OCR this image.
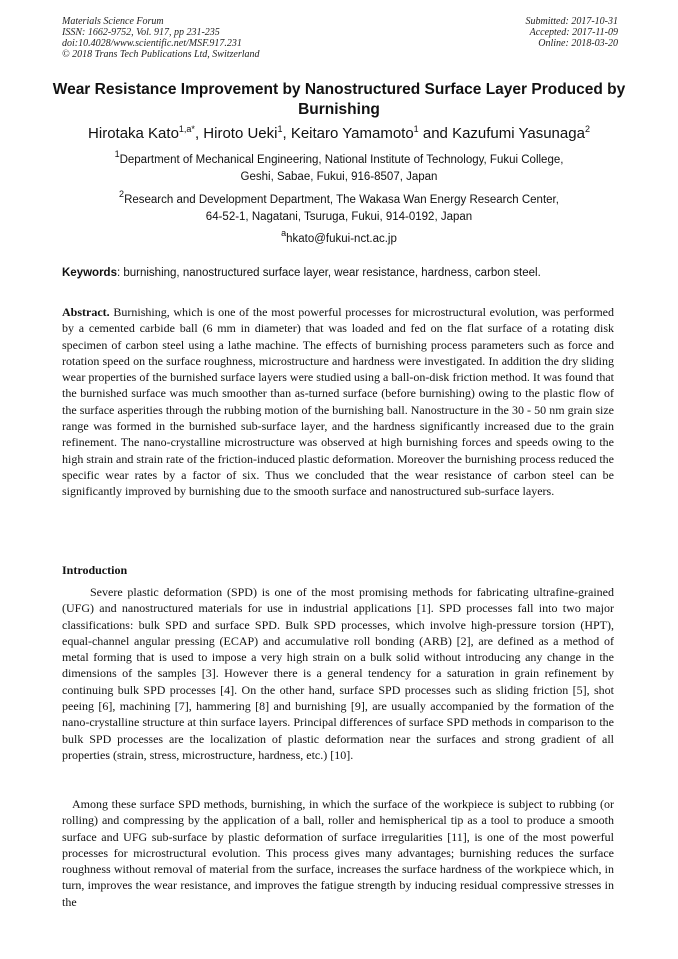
Materials Science Forum
ISSN: 1662-9752, Vol. 917, pp 231-235
doi:10.4028/www.scientific.net/MSF.917.231
© 2018 Trans Tech Publications Ltd, Switzerland
Submitted: 2017-10-31
Accepted: 2017-11-09
Online: 2018-03-20
Wear Resistance Improvement by Nanostructured Surface Layer Produced by Burnishing
Hirotaka Kato$^{1,a*}$, Hiroto Ueki$^1$, Keitaro Yamamoto$^1$ and Kazufumi Yasunaga$^2$
$^1$Department of Mechanical Engineering, National Institute of Technology, Fukui College,
Geshi, Sabae, Fukui, 916-8507, Japan
$^2$Research and Development Department, The Wakasa Wan Energy Research Center,
64-52-1, Nagatani, Tsuruga, Fukui, 914-0192, Japan
$^a$hkato@fukui-nct.ac.jp
Keywords: burnishing, nanostructured surface layer, wear resistance, hardness, carbon steel.
Abstract. Burnishing, which is one of the most powerful processes for microstructural evolution, was performed by a cemented carbide ball (6 mm in diameter) that was loaded and fed on the flat surface of a rotating disk specimen of carbon steel using a lathe machine. The effects of burnishing process parameters such as force and rotation speed on the surface roughness, microstructure and hardness were investigated. In addition the dry sliding wear properties of the burnished surface layers were studied using a ball-on-disk friction method. It was found that the burnished surface was much smoother than as-turned surface (before burnishing) owing to the plastic flow of the surface asperities through the rubbing motion of the burnishing ball. Nanostructure in the 30 - 50 nm grain size range was formed in the burnished sub-surface layer, and the hardness significantly increased due to the grain refinement. The nano-crystalline microstructure was observed at high burnishing forces and speeds owing to the high strain and strain rate of the friction-induced plastic deformation. Moreover the burnishing process reduced the specific wear rates by a factor of six. Thus we concluded that the wear resistance of carbon steel can be significantly improved by burnishing due to the smooth surface and nanostructured sub-surface layers.
Introduction
Severe plastic deformation (SPD) is one of the most promising methods for fabricating ultrafine-grained (UFG) and nanostructured materials for use in industrial applications [1]. SPD processes fall into two major classifications: bulk SPD and surface SPD. Bulk SPD processes, which involve high-pressure torsion (HPT), equal-channel angular pressing (ECAP) and accumulative roll bonding (ARB) [2], are defined as a method of metal forming that is used to impose a very high strain on a bulk solid without introducing any change in the dimensions of the samples [3]. However there is a general tendency for a saturation in grain refinement by continuing bulk SPD processes [4]. On the other hand, surface SPD processes such as sliding friction [5], shot peeing [6], machining [7], hammering [8] and burnishing [9], are usually accompanied by the formation of the nano-crystalline structure at thin surface layers. Principal differences of surface SPD methods in comparison to the bulk SPD processes are the localization of plastic deformation near the surfaces and strong gradient of all properties (strain, stress, microstructure, hardness, etc.) [10].
Among these surface SPD methods, burnishing, in which the surface of the workpiece is subject to rubbing (or rolling) and compressing by the application of a ball, roller and hemispherical tip as a tool to produce a smooth surface and UFG sub-surface by plastic deformation of surface irregularities [11], is one of the most powerful processes for microstructural evolution. This process gives many advantages; burnishing reduces the surface roughness without removal of material from the surface, increases the surface hardness of the workpiece which, in turn, improves the wear resistance, and improves the fatigue strength by inducing residual compressive stresses in the
